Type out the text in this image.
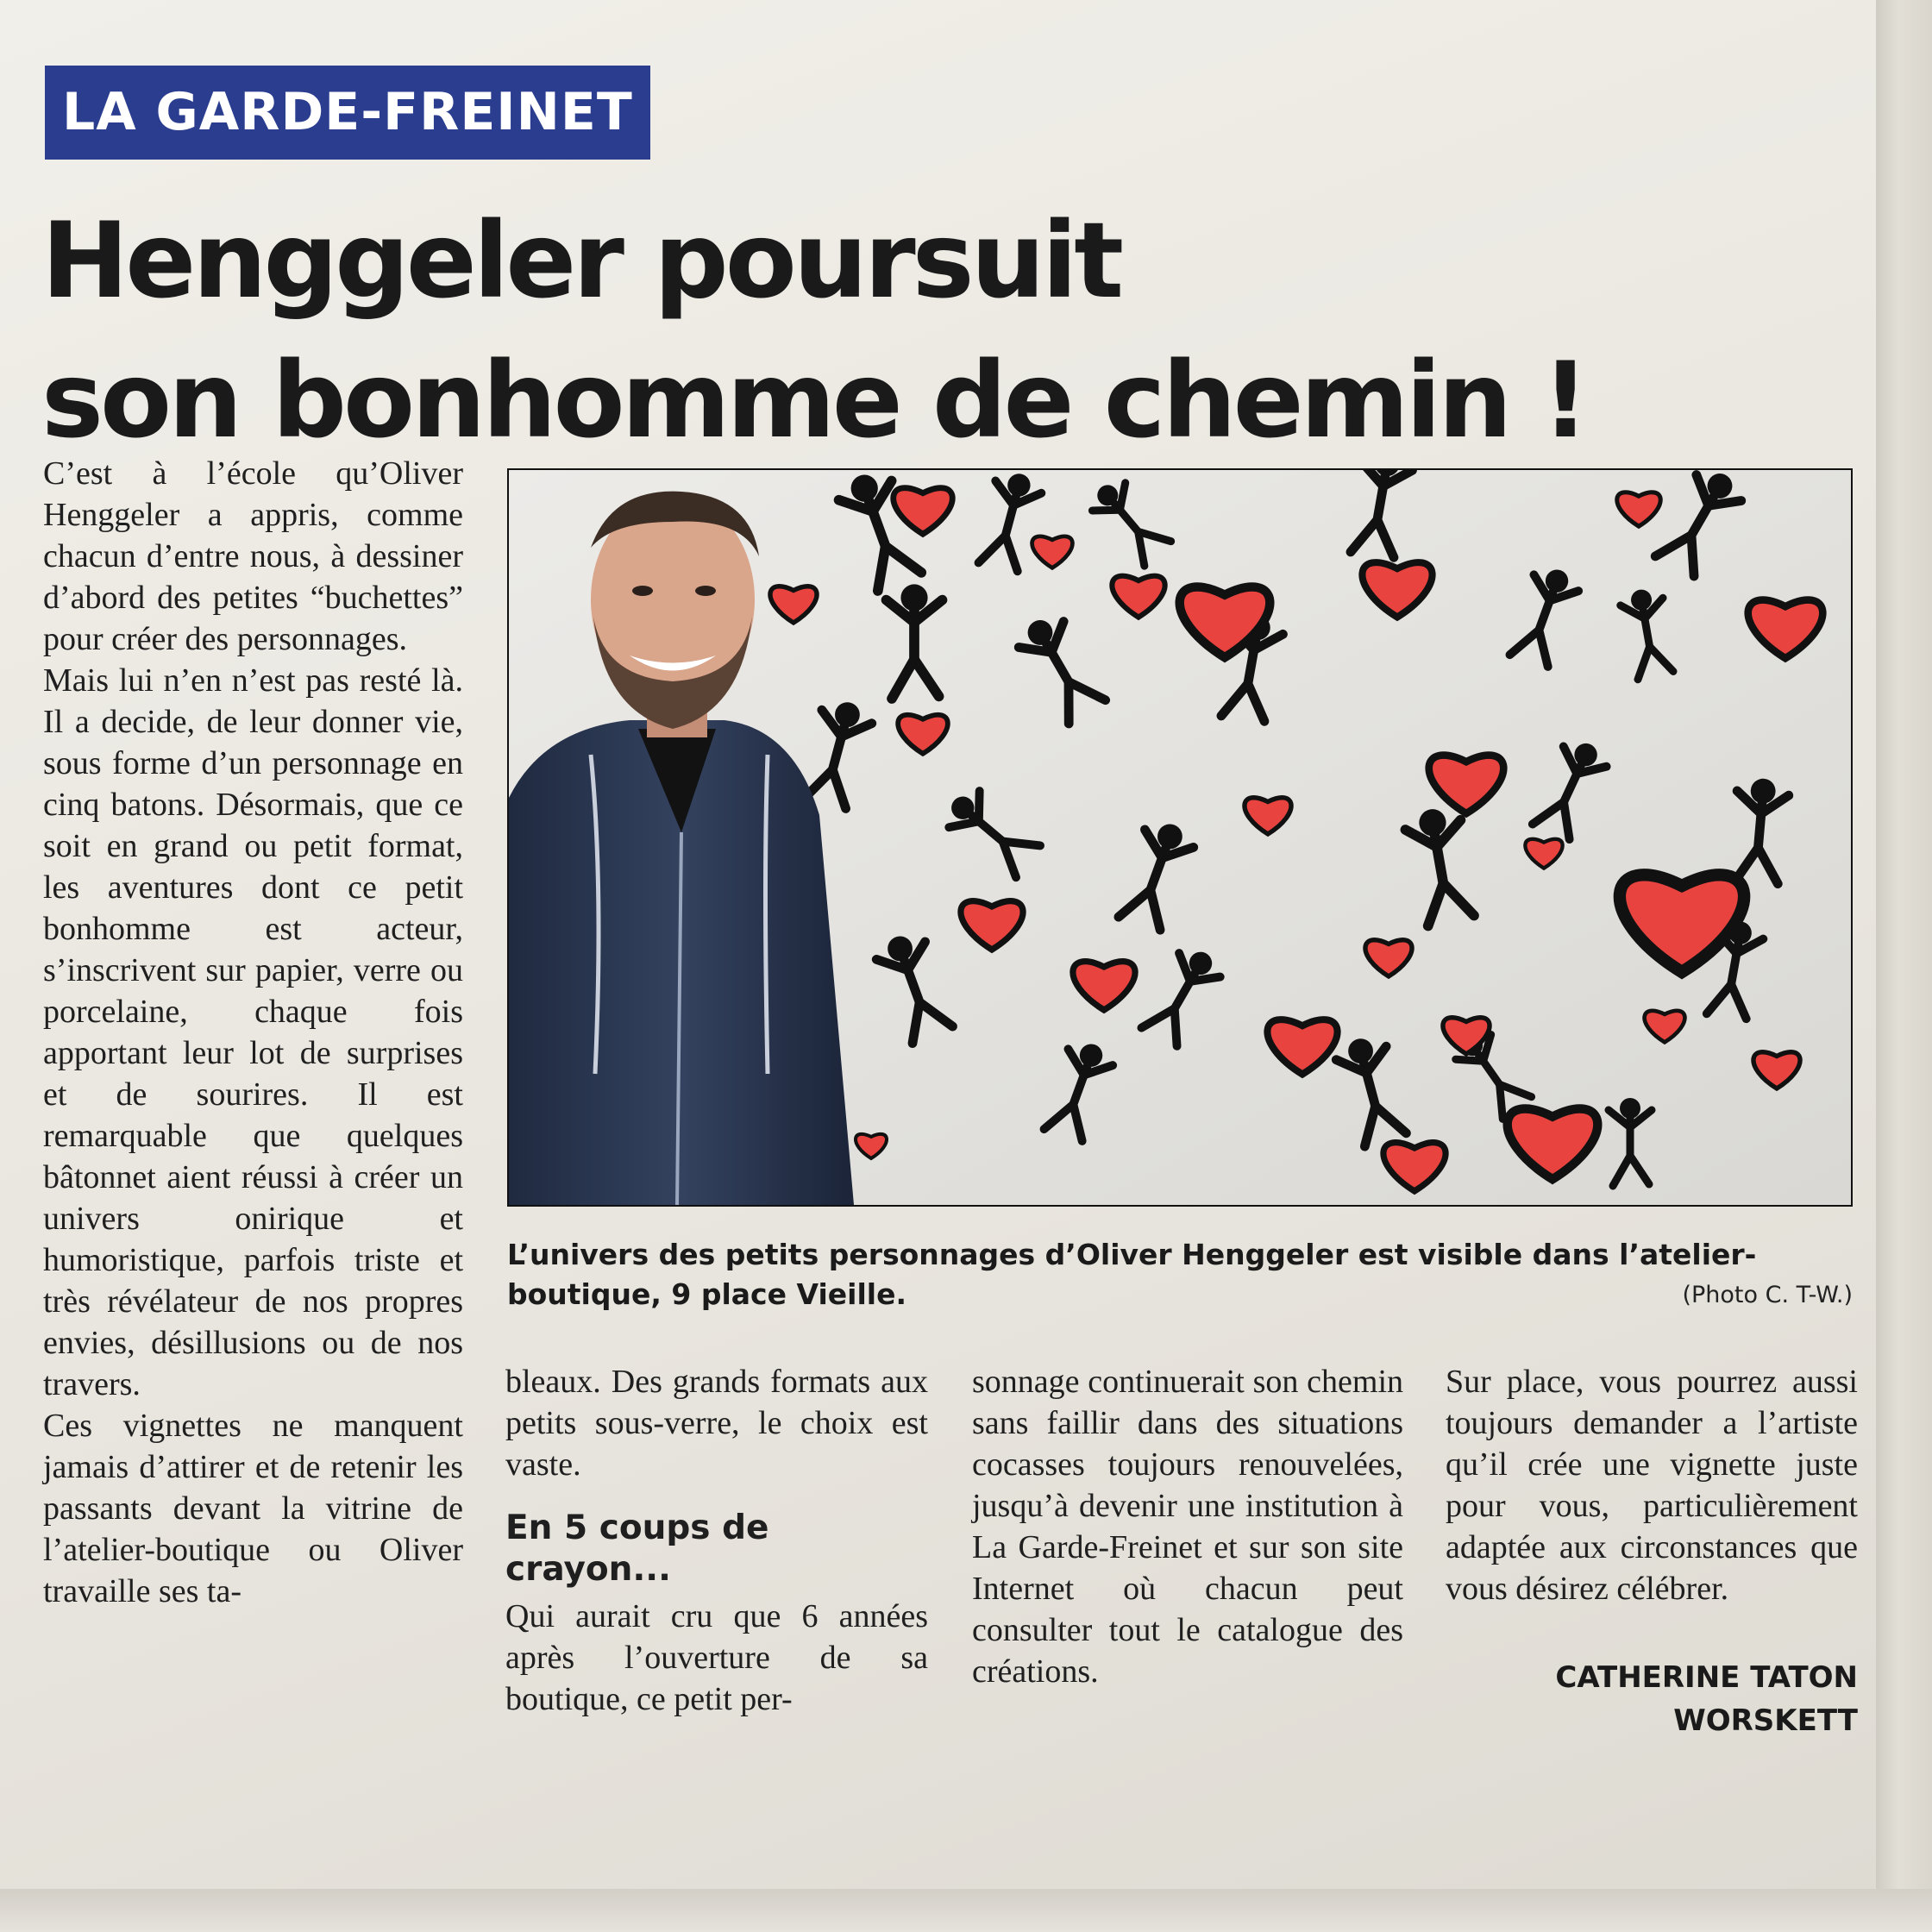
LA GARDE-FREINET
Henggeler poursuit
son bonhomme de chemin !

C’est à l’école qu’Oliver Henggeler a appris, comme chacun d’entre nous, à dessiner d’abord des petites “buchettes” pour créer des personnages.

Mais lui n’en n’est pas resté là. Il a decide, de leur donner vie, sous forme d’un personnage en cinq batons. Désormais, que ce soit en grand ou petit format, les aventures dont ce petit bonhomme est acteur, s’inscrivent sur papier, verre ou porcelaine, chaque fois apportant leur lot de surprises et de sourires. Il est remarquable que quelques bâtonnet aient réussi à créer un univers onirique et humoristique, parfois triste et très révélateur de nos propres envies, désillusions ou de nos travers.

Ces vignettes ne manquent jamais d’attirer et de retenir les passants devant la vitrine de l’atelier-boutique ou Oliver travaille ses ta-

L’univers des petits personnages d’Oliver Henggeler est visible dans l’atelier-boutique, 9 place Vieille.	(Photo C. T-W.)

bleaux. Des grands formats aux petits sous-verre, le choix est vaste.

En 5 coups de crayon...

Qui aurait cru que 6 années après l’ouverture de sa boutique, ce petit per-

sonnage continuerait son chemin sans faillir dans des situations cocasses toujours renouvelées, jusqu’à devenir une institution à La Garde-Freinet et sur son site Internet où chacun peut consulter tout le catalogue des créations.

Sur place, vous pourrez aussi toujours demander a l’artiste qu’il crée une vignette juste pour vous, particulièrement adaptée aux circonstances que vous désirez célébrer.

CATHERINE TATON
WORSKETT
